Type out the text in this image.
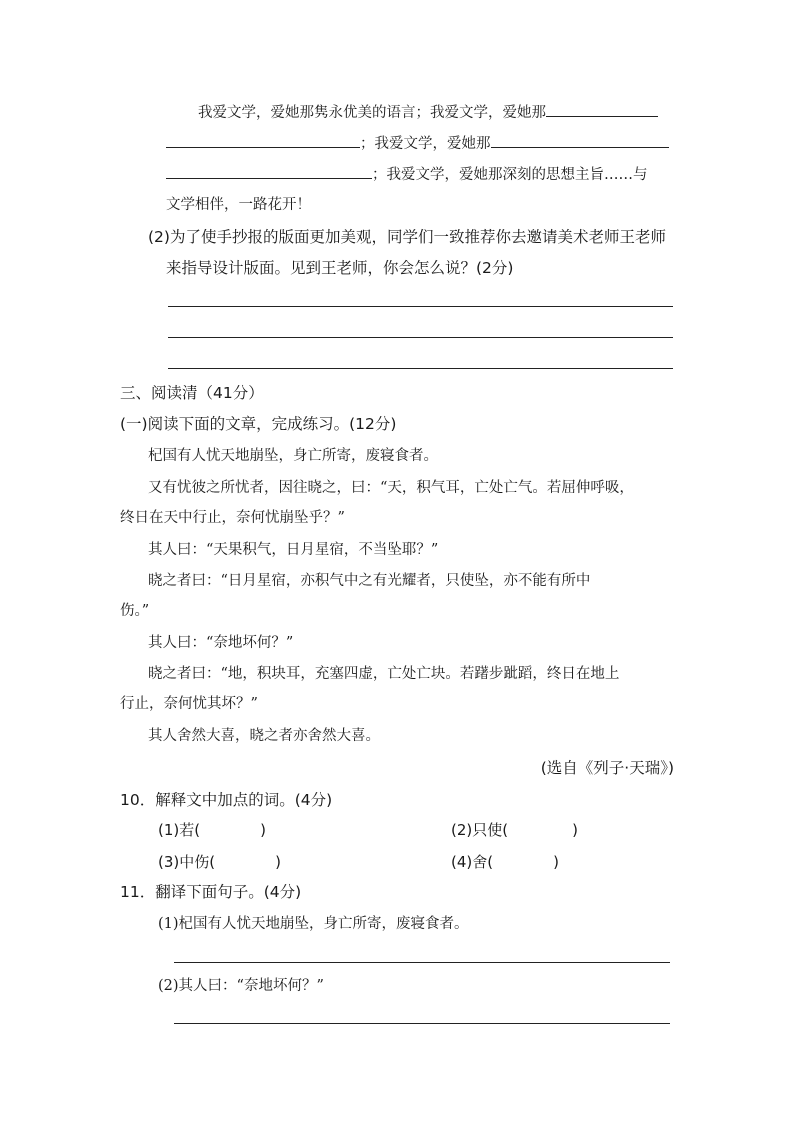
我爱文学，爱她那隽永优美的语言；我爱文学，爱她那
；我爱文学，爱她那
；我爱文学，爱她那深刻的思想主旨……与
文学相伴，一路花开！
(2)为了使手抄报的版面更加美观，同学们一致推荐你去邀请美术老师王老师
来指导设计版面。见到王老师，你会怎么说？(2分)
三、阅读清（41分）
(一)阅读下面的文章，完成练习。(12分)
杞国有人忧天地崩坠，身亡所寄，废寝食者。
又有忧彼之所忧者，因往晓之，曰：“天，积气耳，亡处亡气。若屈伸呼吸，
终日在天中行止，奈何忧崩坠乎？”
其人曰：“天果积气，日月星宿，不当坠耶？”
晓之者曰：“日月星宿，亦积气中之有光耀者，只使坠，亦不能有所中
伤。”
其人曰：“奈地坏何？”
晓之者曰：“地，积块耳，充塞四虚，亡处亡块。若躇步跐蹈，终日在地上
行止，奈何忧其坏？”
其人舍然大喜，晓之者亦舍然大喜。
(选自《列子·天瑞》)
10．解释文中加点的词。(4分)
(1)若(	)	(2)只使(	)
(3)中伤(	)	(4)舍(	)
11．翻译下面句子。(4分)
(1)杞国有人忧天地崩坠，身亡所寄，废寝食者。
(2)其人曰：“奈地坏何？”
